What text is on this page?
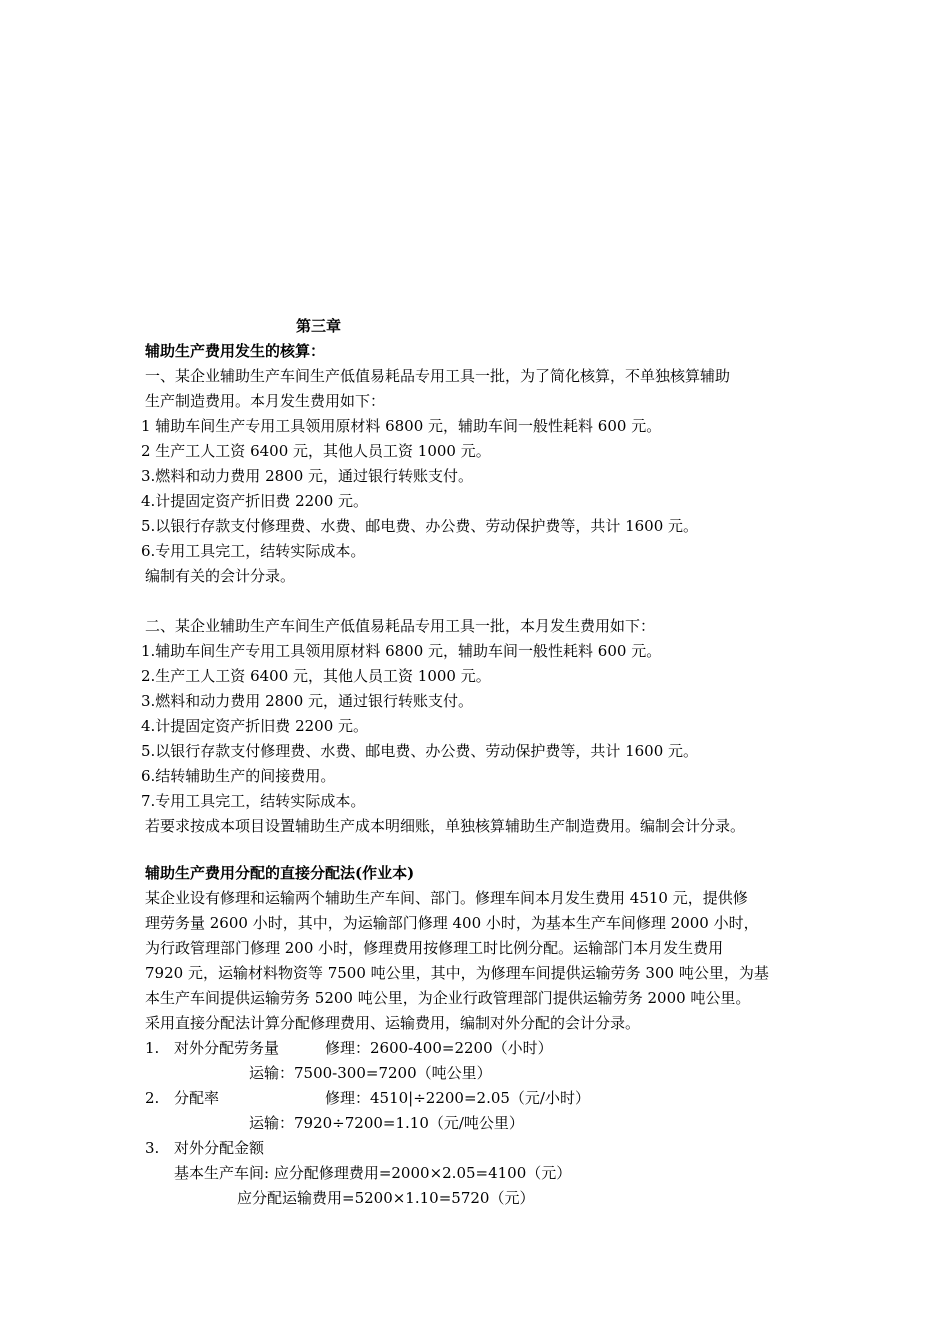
第三章
辅助生产费用发生的核算：
一、某企业辅助生产车间生产低值易耗品专用工具一批，为了简化核算，不单独核算辅助
生产制造费用。本月发生费用如下：
1 辅助车间生产专用工具领用原材料 6800 元，辅助车间一般性耗料 600 元。
2 生产工人工资 6400 元，其他人员工资 1000 元。
3.燃料和动力费用 2800 元，通过银行转账支付。
4.计提固定资产折旧费 2200 元。
5.以银行存款支付修理费、水费、邮电费、办公费、劳动保护费等，共计 1600 元。
6.专用工具完工，结转实际成本。
编制有关的会计分录。
二、某企业辅助生产车间生产低值易耗品专用工具一批，本月发生费用如下：
1.辅助车间生产专用工具领用原材料 6800 元，辅助车间一般性耗料 600 元。
2.生产工人工资 6400 元，其他人员工资 1000 元。
3.燃料和动力费用 2800 元，通过银行转账支付。
4.计提固定资产折旧费 2200 元。
5.以银行存款支付修理费、水费、邮电费、办公费、劳动保护费等，共计 1600 元。
6.结转辅助生产的间接费用。
7.专用工具完工，结转实际成本。
若要求按成本项目设置辅助生产成本明细账，单独核算辅助生产制造费用。编制会计分录。
辅助生产费用分配的直接分配法(作业本)
某企业设有修理和运输两个辅助生产车间、部门。修理车间本月发生费用 4510 元，提供修
理劳务量 2600 小时，其中，为运输部门修理 400 小时，为基本生产车间修理 2000 小时，
为行政管理部门修理 200 小时，修理费用按修理工时比例分配。运输部门本月发生费用
7920 元，运输材料物资等 7500 吨公里，其中，为修理车间提供运输劳务 300 吨公里，为基
本生产车间提供运输劳务 5200 吨公里，为企业行政管理部门提供运输劳务 2000 吨公里。
采用直接分配法计算分配修理费用、运输费用，编制对外分配的会计分录。
1. 对外分配劳务量	修理：2600-400=2200（小时）
运输：7500-300=7200（吨公里）
2. 分配率	修理：4510|÷2200=2.05（元/小时）
运输：7920÷7200=1.10（元/吨公里）
3. 对外分配金额
基本生产车间: 应分配修理费用=2000×2.05=4100（元）
应分配运输费用=5200×1.10=5720（元）
